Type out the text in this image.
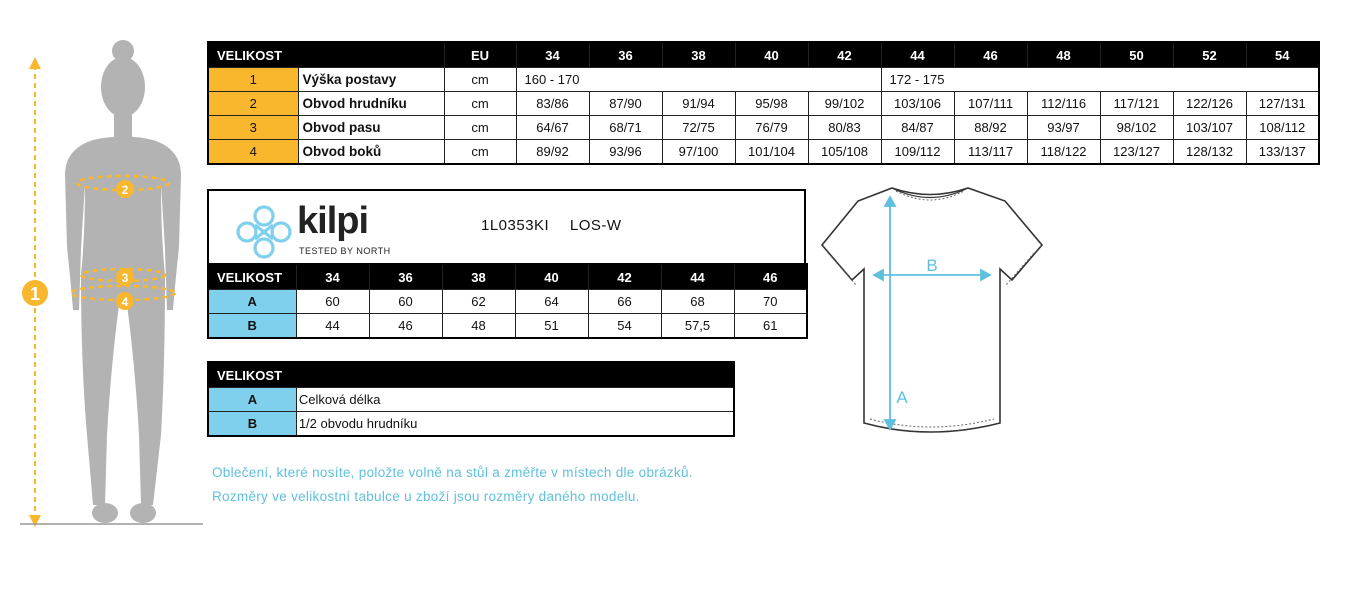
1
2
3
4
VELIKOST		EU	34	36	38	40	42	44	46	48	50	52	54
1	Výška postavy	cm	160 - 170					172 - 175					
2	Obvod hrudníku	cm	83/86	87/90	91/94	95/98	99/102	103/106	107/111	112/116	117/121	122/126	127/131
3	Obvod pasu	cm	64/67	68/71	72/75	76/79	80/83	84/87	88/92	93/97	98/102	103/107	108/112
4	Obvod boků	cm	89/92	93/96	97/100	101/104	105/108	109/112	113/117	118/122	123/127	128/132	133/137
kilpi
TESTED BY NORTH
1L0353KI LOS-W
VELIKOST	34	36	38	40	42	44	46
A	60	60	62	64	66	68	70
B	44	46	48	51	54	57,5	61
VELIKOST	
A	Celková délka
B	1/2 obvodu hrudníku
Oblečení, které nosíte, položte volně na stůl a změřte v místech dle obrázků.
Rozměry ve velikostní tabulce u zboží jsou rozměry daného modelu.
B
A
